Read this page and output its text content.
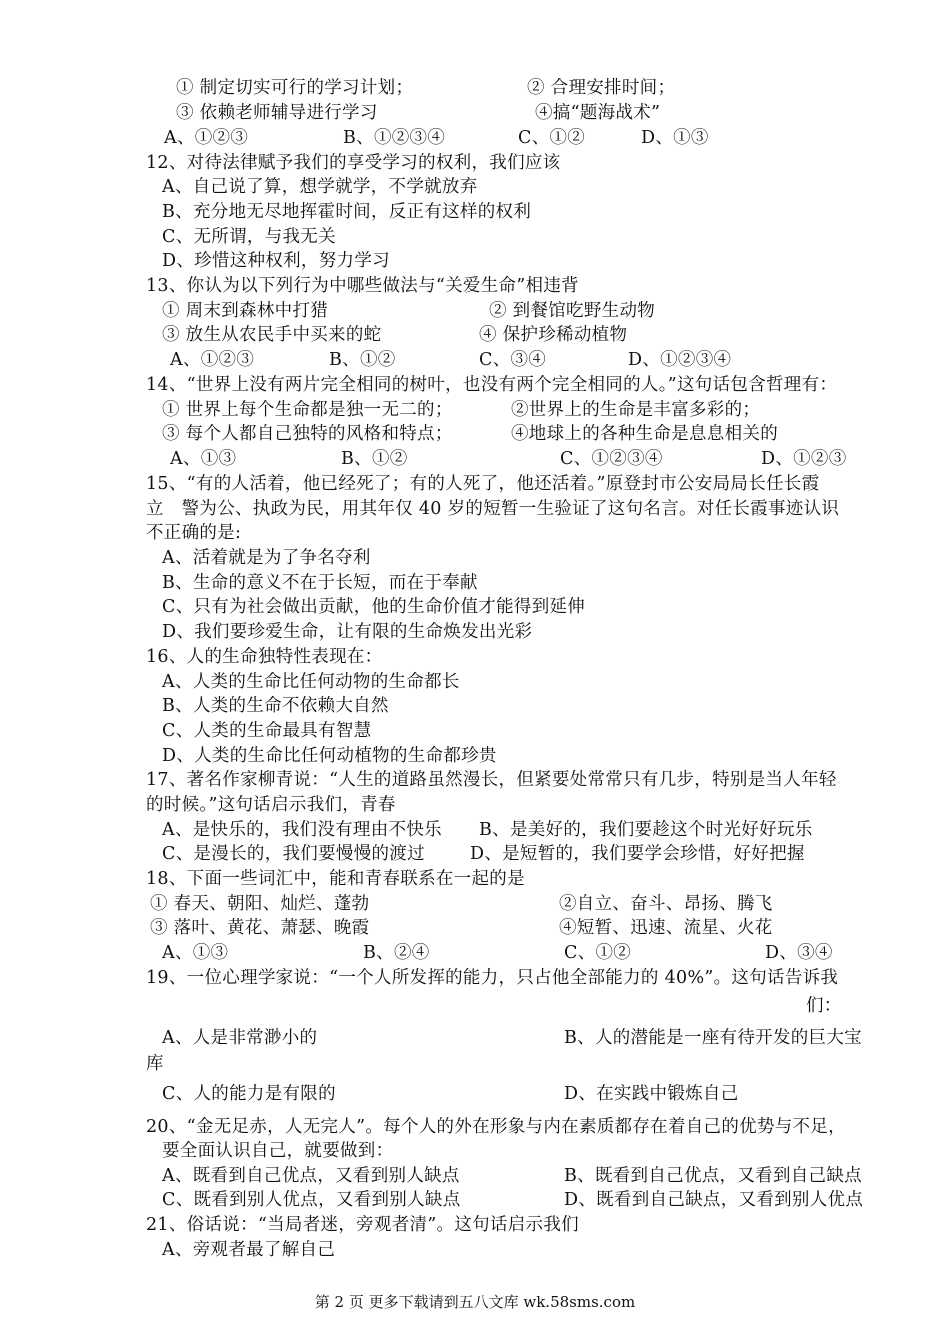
① 制定切实可行的学习计划；	② 合理安排时间；
③ 依赖老师辅导进行学习	④搞“题海战术”
A、①②③	B、①②③④	C、①②	D、①③
12、对待法律赋予我们的享受学习的权利，我们应该
A、自己说了算，想学就学，不学就放弃
B、充分地无尽地挥霍时间，反正有这样的权利
C、无所谓，与我无关
D、珍惜这种权利，努力学习
13、你认为以下列行为中哪些做法与“关爱生命”相违背
① 周末到森林中打猎	② 到餐馆吃野生动物
③ 放生从农民手中买来的蛇	④ 保护珍稀动植物
A、①②③	B、①②	C、③④	D、①②③④
14、“世界上没有两片完全相同的树叶，也没有两个完全相同的人。”这句话包含哲理有：
① 世界上每个生命都是独一无二的；	②世界上的生命是丰富多彩的；
③ 每个人都自己独特的风格和特点；	④地球上的各种生命是息息相关的
A、①③	B、①②	C、①②③④	D、①②③
15、“有的人活着，他已经死了；有的人死了，他还活着。”原登封市公安局局长任长霞
立　警为公、执政为民，用其年仅 40 岁的短暂一生验证了这句名言。对任长霞事迹认识
不正确的是:
A、活着就是为了争名夺利
B、生命的意义不在于长短，而在于奉献
C、只有为社会做出贡献，他的生命价值才能得到延伸
D、我们要珍爱生命，让有限的生命焕发出光彩
16、人的生命独特性表现在：
A、人类的生命比任何动物的生命都长
B、人类的生命不依赖大自然
C、人类的生命最具有智慧
D、人类的生命比任何动植物的生命都珍贵
17、著名作家柳青说：“人生的道路虽然漫长，但紧要处常常只有几步，特别是当人年轻
的时候。”这句话启示我们，青春
A、是快乐的，我们没有理由不快乐 B、是美好的，我们要趁这个时光好好玩乐
C、是漫长的，我们要慢慢的渡过	D、是短暂的，我们要学会珍惜，好好把握
18、下面一些词汇中，能和青春联系在一起的是
① 春天、朝阳、灿烂、蓬勃	②自立、奋斗、昂扬、腾飞
③ 落叶、黄花、萧瑟、晚霞	④短暂、迅速、流星、火花
A、①③	B、②④	C、①②	D、③④
19、一位心理学家说：“一个人所发挥的能力，只占他全部能力的 40%”。这句话告诉我
们：
A、人是非常渺小的	B、人的潜能是一座有待开发的巨大宝
库
C、人的能力是有限的	D、在实践中锻炼自己
20、“金无足赤，人无完人”。每个人的外在形象与内在素质都存在着自己的优势与不足，
要全面认识自己，就要做到：
A、既看到自己优点，又看到别人缺点	B、既看到自己优点，又看到自己缺点
C、既看到别人优点，又看到别人缺点	D、既看到自己缺点，又看到别人优点
21、俗话说：“当局者迷，旁观者清”。这句话启示我们
A、旁观者最了解自己
第 2 页 更多下载请到五八文库 wk.58sms.com
